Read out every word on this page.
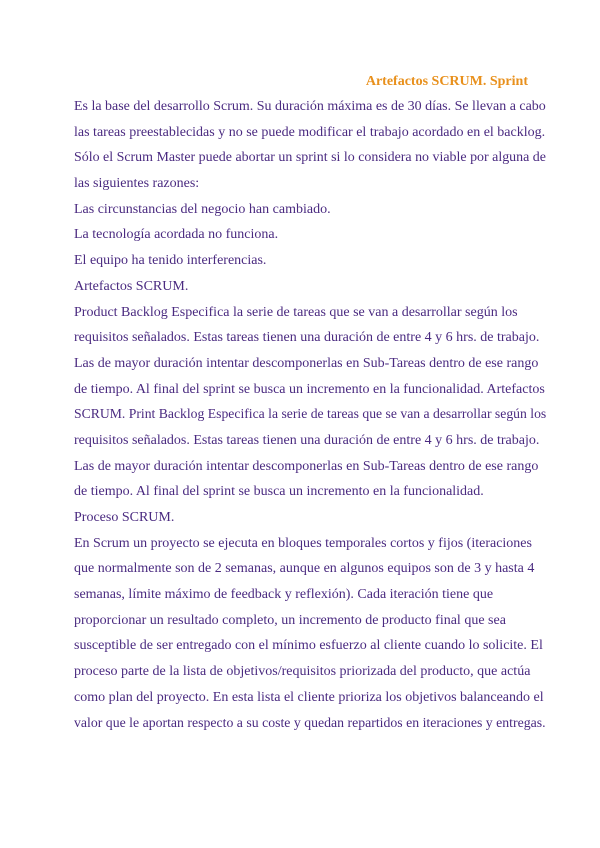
Artefactos SCRUM. Sprint
Es la base del desarrollo Scrum. Su duración máxima es de 30 días. Se llevan a cabo
las tareas preestablecidas y no se puede modificar el trabajo acordado en el backlog.
Sólo el Scrum Master puede abortar un sprint si lo considera no viable por alguna de
las siguientes razones:
Las circunstancias del negocio han cambiado.
La tecnología acordada no funciona.
El equipo ha tenido interferencias.
Artefactos SCRUM.
Product Backlog Especifica la serie de tareas que se van a desarrollar según los
requisitos señalados. Estas tareas tienen una duración de entre 4 y 6 hrs. de trabajo.
Las de mayor duración intentar descomponerlas en Sub-Tareas dentro de ese rango
de tiempo. Al final del sprint se busca un incremento en la funcionalidad. Artefactos
SCRUM. Print Backlog Especifica la serie de tareas que se van a desarrollar según los
requisitos señalados. Estas tareas tienen una duración de entre 4 y 6 hrs. de trabajo.
Las de mayor duración intentar descomponerlas en Sub-Tareas dentro de ese rango
de tiempo. Al final del sprint se busca un incremento en la funcionalidad.
Proceso SCRUM.
En Scrum un proyecto se ejecuta en bloques temporales cortos y fijos (iteraciones
que normalmente son de 2 semanas, aunque en algunos equipos son de 3 y hasta 4
semanas, límite máximo de feedback y reflexión). Cada iteración tiene que
proporcionar un resultado completo, un incremento de producto final que sea
susceptible de ser entregado con el mínimo esfuerzo al cliente cuando lo solicite. El
proceso parte de la lista de objetivos/requisitos priorizada del producto, que actúa
como plan del proyecto. En esta lista el cliente prioriza los objetivos balanceando el
valor que le aportan respecto a su coste y quedan repartidos en iteraciones y entregas.
